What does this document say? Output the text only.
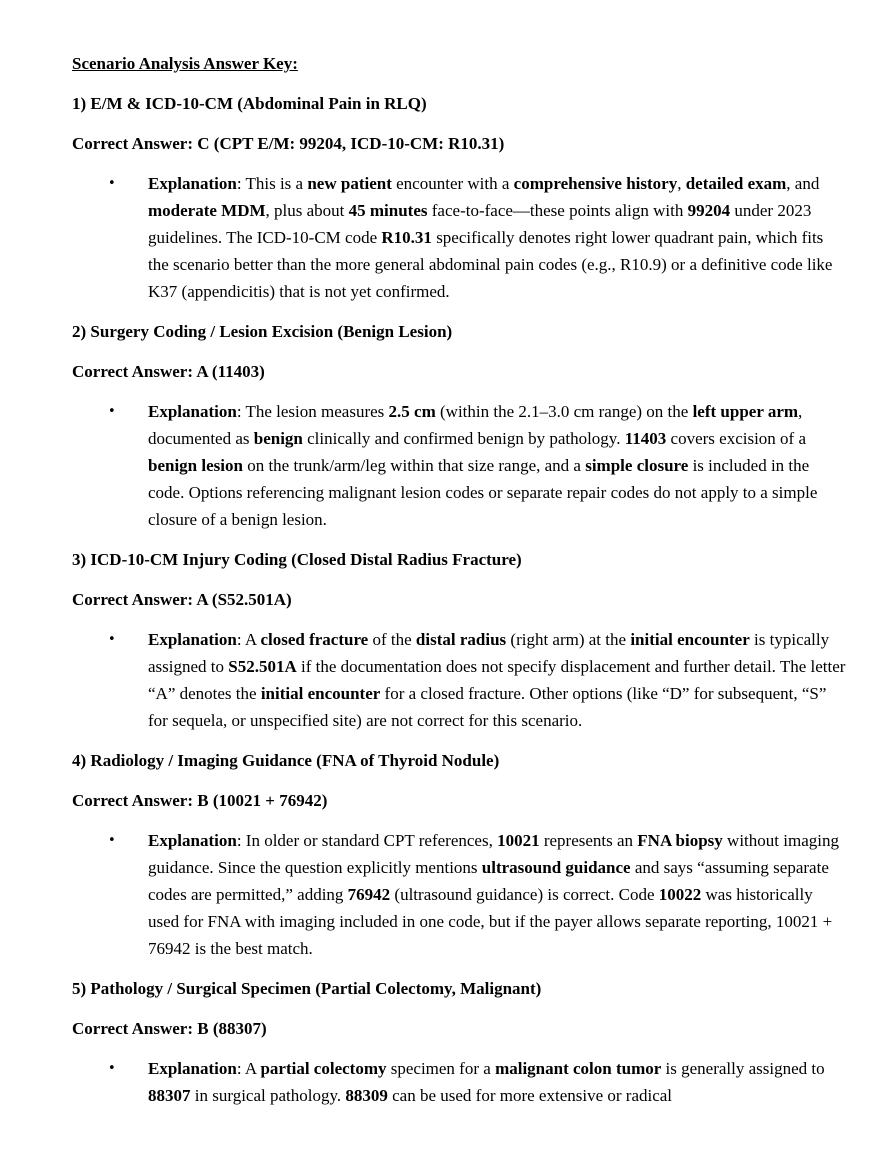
Scenario Analysis Answer Key:
1) E/M & ICD-10-CM (Abdominal Pain in RLQ)

Correct Answer: C (CPT E/M: 99204, ICD-10-CM: R10.31)

• Explanation: This is a new patient encounter with a comprehensive history, detailed exam, and moderate MDM, plus about 45 minutes face-to-face—these points align with 99204 under 2023 guidelines. The ICD-10-CM code R10.31 specifically denotes right lower quadrant pain, which fits the scenario better than the more general abdominal pain codes (e.g., R10.9) or a definitive code like K37 (appendicitis) that is not yet confirmed.
2) Surgery Coding / Lesion Excision (Benign Lesion)

Correct Answer: A (11403)

• Explanation: The lesion measures 2.5 cm (within the 2.1–3.0 cm range) on the left upper arm, documented as benign clinically and confirmed benign by pathology. 11403 covers excision of a benign lesion on the trunk/arm/leg within that size range, and a simple closure is included in the code. Options referencing malignant lesion codes or separate repair codes do not apply to a simple closure of a benign lesion.
3) ICD-10-CM Injury Coding (Closed Distal Radius Fracture)

Correct Answer: A (S52.501A)

• Explanation: A closed fracture of the distal radius (right arm) at the initial encounter is typically assigned to S52.501A if the documentation does not specify displacement and further detail. The letter “A” denotes the initial encounter for a closed fracture. Other options (like “D” for subsequent, “S” for sequela, or unspecified site) are not correct for this scenario.
4) Radiology / Imaging Guidance (FNA of Thyroid Nodule)

Correct Answer: B (10021 + 76942)

• Explanation: In older or standard CPT references, 10021 represents an FNA biopsy without imaging guidance. Since the question explicitly mentions ultrasound guidance and says “assuming separate codes are permitted,” adding 76942 (ultrasound guidance) is correct. Code 10022 was historically used for FNA with imaging included in one code, but if the payer allows separate reporting, 10021 + 76942 is the best match.
5) Pathology / Surgical Specimen (Partial Colectomy, Malignant)

Correct Answer: B (88307)

• Explanation: A partial colectomy specimen for a malignant colon tumor is generally assigned to 88307 in surgical pathology. 88309 can be used for more extensive or radical
